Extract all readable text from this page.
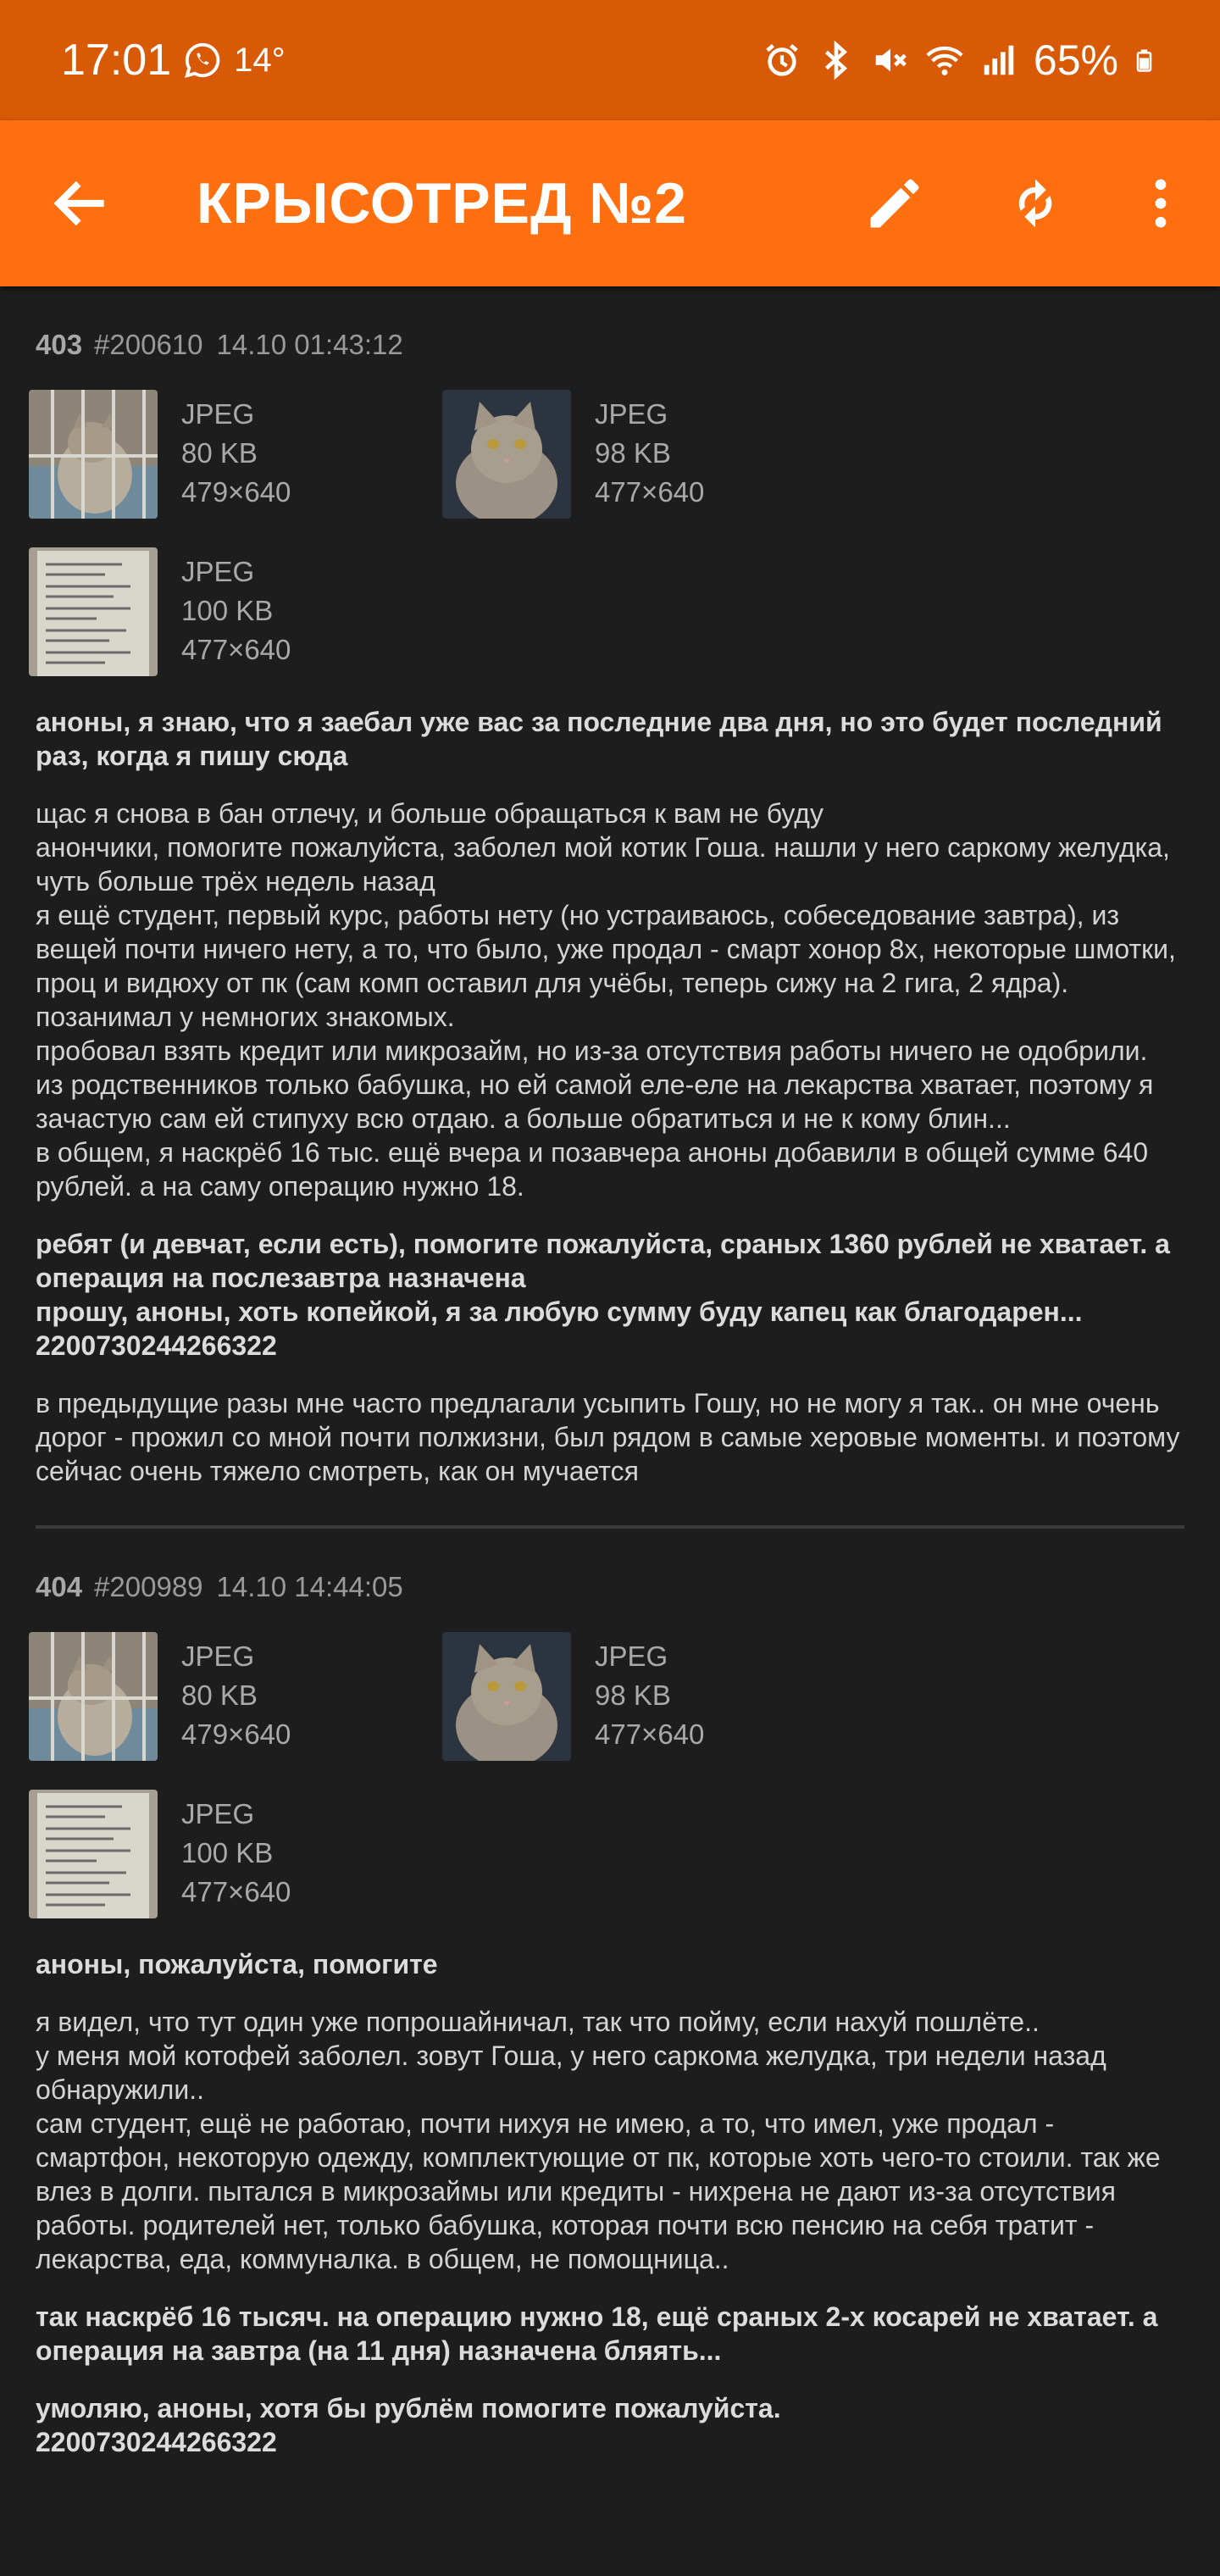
17:01 14°	65%
КРЫСОТРЕД №2
403 #200610 14.10 01:43:12
JPEG
80 KB
479×640
JPEG
98 KB
477×640
JPEG
100 KB
477×640

аноны, я знаю, что я заебал уже вас за последние два дня, но это будет последний раз, когда я пишу сюда

щас я снова в бан отлечу, и больше обращаться к вам не буду
анончики, помогите пожалуйста, заболел мой котик Гоша. нашли у него саркому желудка, чуть больше трёх недель назад
я ещё студент, первый курс, работы нету (но устраиваюсь, собеседование завтра), из вещей почти ничего нету, а то, что было, уже продал - смарт хонор 8х, некоторые шмотки, проц и видюху от пк (сам комп оставил для учёбы, теперь сижу на 2 гига, 2 ядра). позанимал у немногих знакомых.
пробовал взять кредит или микрозайм, но из-за отсутствия работы ничего не одобрили.
из родственников только бабушка, но ей самой еле-еле на лекарства хватает, поэтому я зачастую сам ей стипуху всю отдаю. а больше обратиться и не к кому блин...
в общем, я наскрёб 16 тыс. ещё вчера и позавчера аноны добавили в общей сумме 640 рублей. а на саму операцию нужно 18.

ребят (и девчат, если есть), помогите пожалуйста, сраных 1360 рублей не хватает. а операция на послезавтра назначена
прошу, аноны, хоть копейкой, я за любую сумму буду капец как благодарен...
2200730244266322

в предыдущие разы мне часто предлагали усыпить Гошу, но не могу я так.. он мне очень дорог - прожил со мной почти полжизни, был рядом в самые херовые моменты. и поэтому сейчас очень тяжело смотреть, как он мучается

404 #200989 14.10 14:44:05
JPEG
80 KB
479×640
JPEG
98 KB
477×640
JPEG
100 KB
477×640

аноны, пожалуйста, помогите

я видел, что тут один уже попрошайничал, так что пойму, если нахуй пошлёте..
у меня мой котофей заболел. зовут Гоша, у него саркома желудка, три недели назад обнаружили..
сам студент, ещё не работаю, почти нихуя не имею, а то, что имел, уже продал - смартфон, некоторую одежду, комплектующие от пк, которые хоть чего-то стоили. так же влез в долги. пытался в микрозаймы или кредиты - нихрена не дают из-за отсутствия работы. родителей нет, только бабушка, которая почти всю пенсию на себя тратит - лекарства, еда, коммуналка. в общем, не помощница..

так наскрёб 16 тысяч. на операцию нужно 18, ещё сраных 2-х косарей не хватает. а операция на завтра (на 11 дня) назначена бляять...

умоляю, аноны, хотя бы рублём помогите пожалуйста.
2200730244266322
